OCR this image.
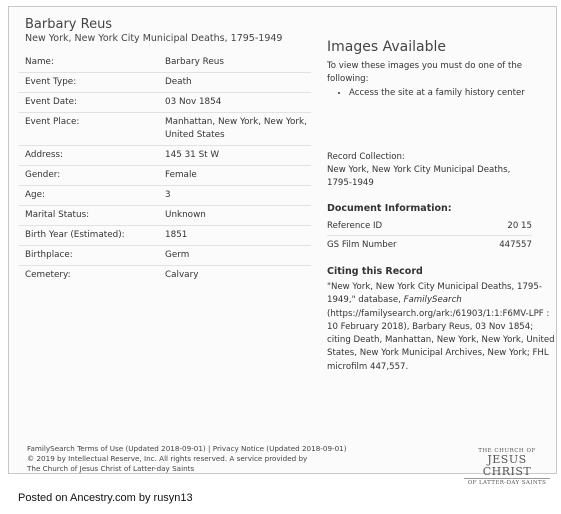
Barbary Reus
New York, New York City Municipal Deaths, 1795-1949
Name:	Barbary Reus
Event Type:	Death
Event Date:	03 Nov 1854
Event Place:	Manhattan, New York, New York, United States
Address:	145 31 St W
Gender:	Female
Age:	3
Marital Status:	Unknown
Birth Year (Estimated):	1851
Birthplace:	Germ
Cemetery:	Calvary
Images Available
To view these images you must do one of the following:
• Access the site at a family history center
Record Collection:
New York, New York City Municipal Deaths, 1795-1949
Document Information:
Reference ID	20 15
GS Film Number	447557
Citing this Record
"New York, New York City Municipal Deaths, 1795-1949," database, FamilySearch (https://familysearch.org/ark:/61903/1:1:F6MV-LPF : 10 February 2018), Barbary Reus, 03 Nov 1854; citing Death, Manhattan, New York, New York, United States, New York Municipal Archives, New York; FHL microfilm 447,557.
FamilySearch Terms of Use (Updated 2018-09-01) | Privacy Notice (Updated 2018-09-01)
© 2019 by Intellectual Reserve, Inc. All rights reserved. A service provided by
The Church of Jesus Christ of Latter-day Saints
THE CHURCH OF
JESUS CHRIST
OF LATTER-DAY SAINTS
Posted on Ancestry.com by rusyn13
